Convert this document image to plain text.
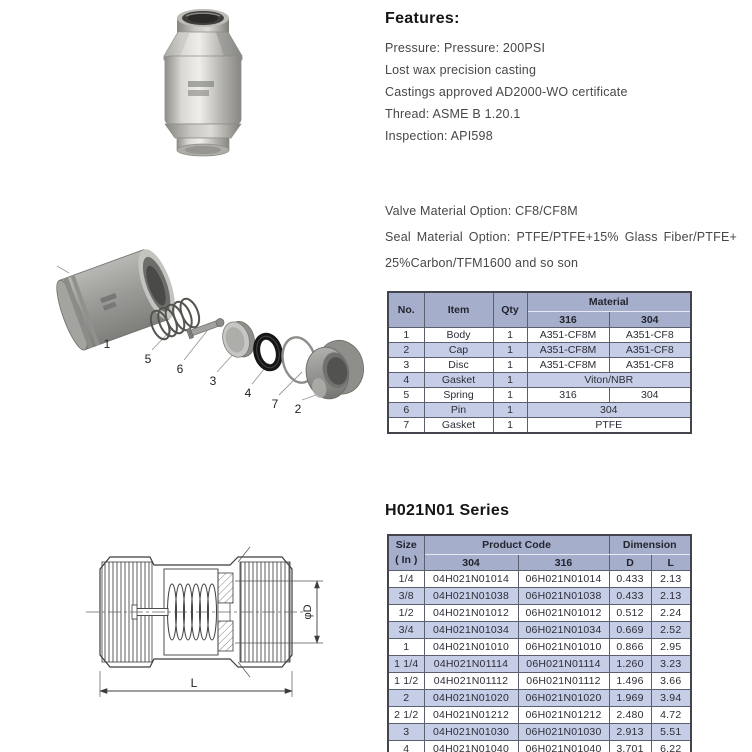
Features:
Pressure: Pressure: 200PSI
Lost wax precision casting
Castings approved AD2000-WO certificate
Thread: ASME B 1.20.1
Inspection: API598
Valve Material Option: CF8/CF8M
Seal Material Option: PTFE/PTFE+15% Glass Fiber/PTFE+
25%Carbon/TFM1600 and so son
1
5
6
3
4
7 2
No.	Item	Qty	Material	
			316	304
1	Body	1	A351-CF8M	A351-CF8
2	Cap	1	A351-CF8M	A351-CF8
3	Disc	1	A351-CF8M	A351-CF8
4	Gasket	1	Viton/NBR	
5	Spring	1	316	304
6	Pin	1	304	
7	Gasket	1	PTFE	
H021N01 Series
Size
( In )	Product Code		Dimension	
	304	316	D	L
1/4	04H021N01014	06H021N01014	0.433	2.13
3/8	04H021N01038	06H021N01038	0.433	2.13
1/2	04H021N01012	06H021N01012	0.512	2.24
3/4	04H021N01034	06H021N01034	0.669	2.52
1	04H021N01010	06H021N01010	0.866	2.95
1 1/4	04H021N01114	06H021N01114	1.260	3.23
1 1/2	04H021N01112	06H021N01112	1.496	3.66
2	04H021N01020	06H021N01020	1.969	3.94
2 1/2	04H021N01212	06H021N01212	2.480	4.72
3	04H021N01030	06H021N01030	2.913	5.51
4	04H021N01040	06H021N01040	3.701	6.22
φD
L
